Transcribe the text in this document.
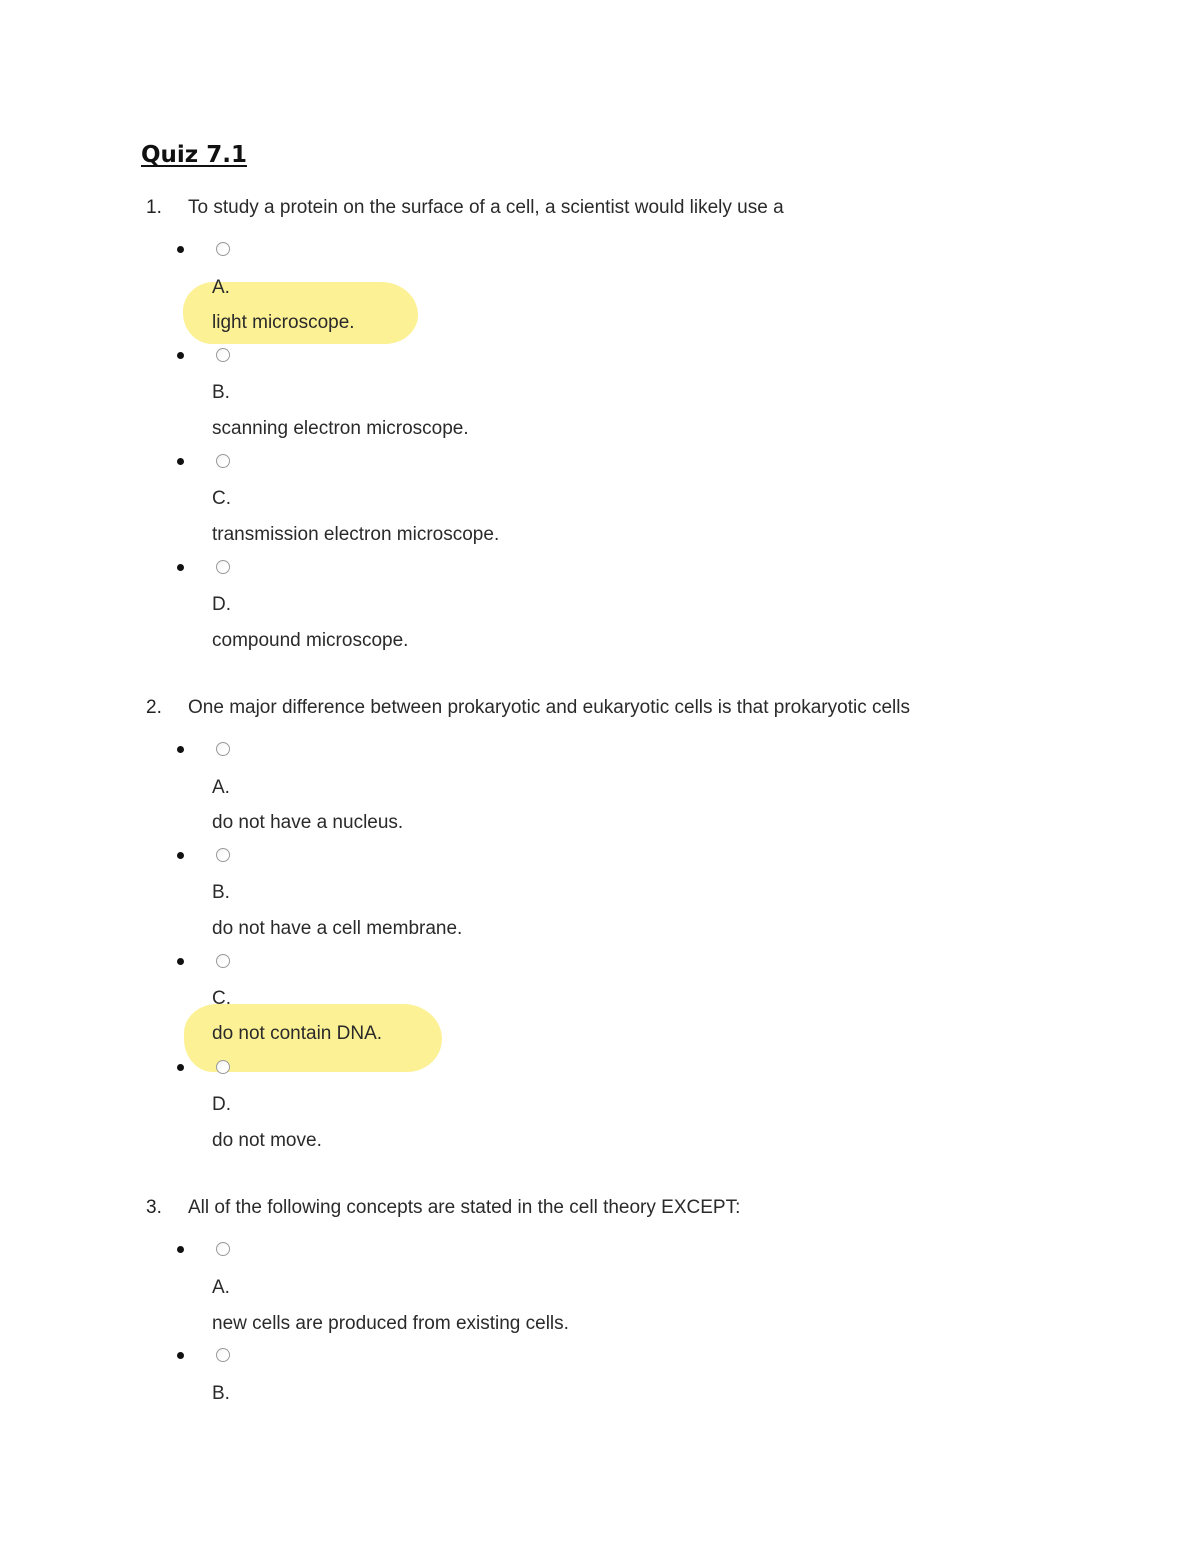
Quiz 7.1
1. To study a protein on the surface of a cell, a scientist would likely use a
A.
light microscope.
B.
scanning electron microscope.
C.
transmission electron microscope.
D.
compound microscope.
2. One major difference between prokaryotic and eukaryotic cells is that prokaryotic cells
A.
do not have a nucleus.
B.
do not have a cell membrane.
C.
do not contain DNA.
D.
do not move.
3. All of the following concepts are stated in the cell theory EXCEPT:
A.
new cells are produced from existing cells.
B.
